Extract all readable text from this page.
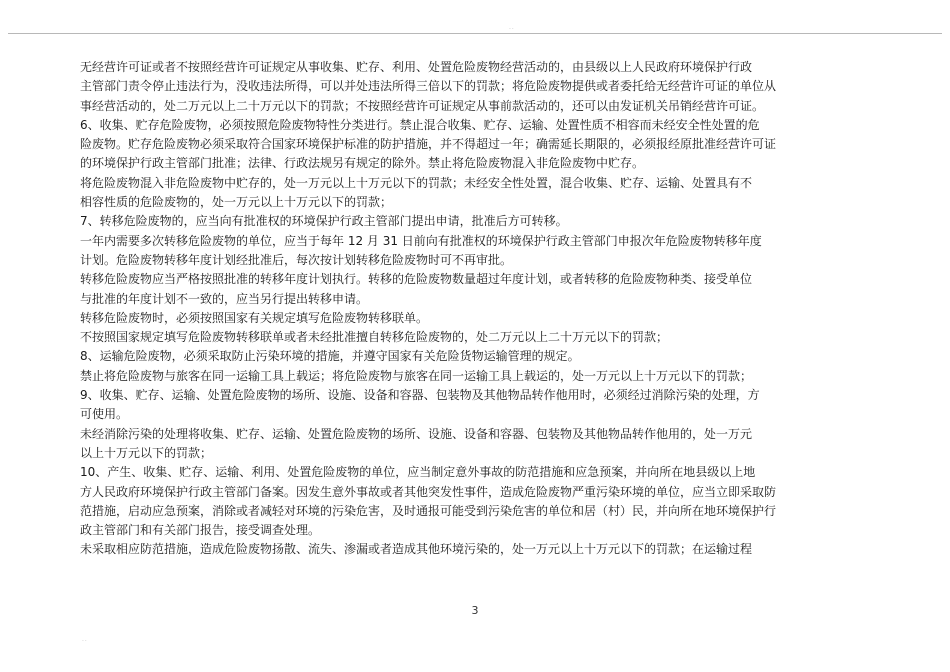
..
无经营许可证或者不按照经营许可证规定从事收集、贮存、利用、处置危险废物经营活动的，由县级以上人民政府环境保护行政
主管部门责令停止违法行为，没收违法所得，可以并处违法所得三倍以下的罚款；将危险废物提供或者委托给无经营许可证的单位从
事经营活动的，处二万元以上二十万元以下的罚款；不按照经营许可证规定从事前款活动的，还可以由发证机关吊销经营许可证。
6、收集、贮存危险废物，必须按照危险废物特性分类进行。禁止混合收集、贮存、运输、处置性质不相容而未经安全性处置的危
险废物。贮存危险废物必须采取符合国家环境保护标准的防护措施，并不得超过一年；确需延长期限的，必须报经原批准经营许可证
的环境保护行政主管部门批准；法律、行政法规另有规定的除外。禁止将危险废物混入非危险废物中贮存。
将危险废物混入非危险废物中贮存的，处一万元以上十万元以下的罚款；未经安全性处置，混合收集、贮存、运输、处置具有不
相容性质的危险废物的，处一万元以上十万元以下的罚款；
7、转移危险废物的，应当向有批准权的环境保护行政主管部门提出申请，批准后方可转移。
一年内需要多次转移危险废物的单位，应当于每年 12 月 31 日前向有批准权的环境保护行政主管部门申报次年危险废物转移年度
计划。危险废物转移年度计划经批准后，每次按计划转移危险废物时可不再审批。
转移危险废物应当严格按照批准的转移年度计划执行。转移的危险废物数量超过年度计划，或者转移的危险废物种类、接受单位
与批准的年度计划不一致的，应当另行提出转移申请。
转移危险废物时，必须按照国家有关规定填写危险废物转移联单。
不按照国家规定填写危险废物转移联单或者未经批准擅自转移危险废物的，处二万元以上二十万元以下的罚款；
8、运输危险废物，必须采取防止污染环境的措施，并遵守国家有关危险货物运输管理的规定。
禁止将危险废物与旅客在同一运输工具上载运；将危险废物与旅客在同一运输工具上载运的，处一万元以上十万元以下的罚款；
9、收集、贮存、运输、处置危险废物的场所、设施、设备和容器、包装物及其他物品转作他用时，必须经过消除污染的处理，方
可使用。
未经消除污染的处理将收集、贮存、运输、处置危险废物的场所、设施、设备和容器、包装物及其他物品转作他用的，处一万元
以上十万元以下的罚款；
10、产生、收集、贮存、运输、利用、处置危险废物的单位，应当制定意外事故的防范措施和应急预案，并向所在地县级以上地
方人民政府环境保护行政主管部门备案。因发生意外事故或者其他突发性事件，造成危险废物严重污染环境的单位，应当立即采取防
范措施，启动应急预案，消除或者减轻对环境的污染危害，及时通报可能受到污染危害的单位和居（村）民，并向所在地环境保护行
政主管部门和有关部门报告，接受调查处理。
未采取相应防范措施，造成危险废物扬散、流失、渗漏或者造成其他环境污染的，处一万元以上十万元以下的罚款；在运输过程
3
..
